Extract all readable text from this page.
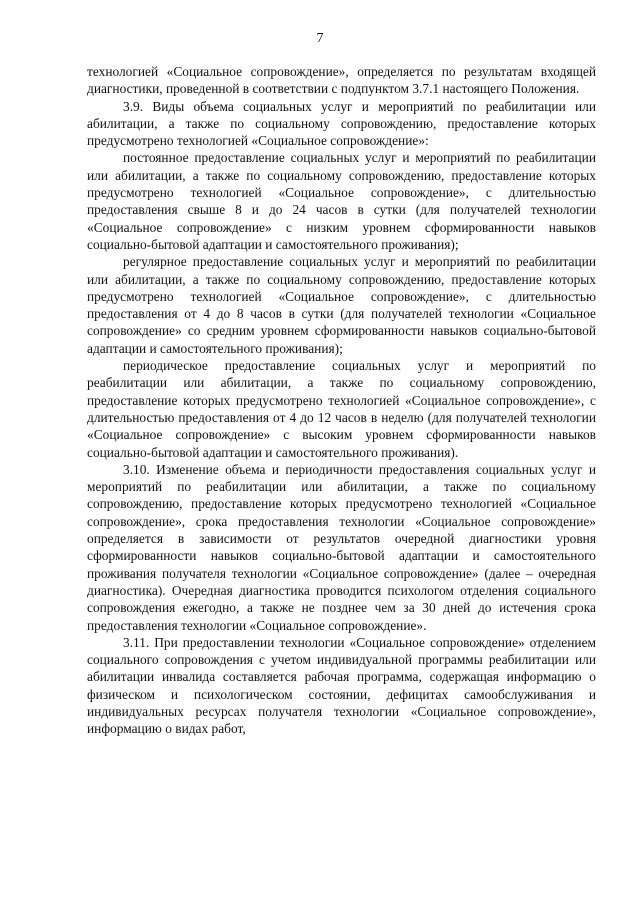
7

технологией «Социальное сопровождение», определяется по результатам входящей диагностики, проведенной в соответствии с подпунктом 3.7.1 настоящего Положения.

3.9. Виды объема социальных услуг и мероприятий по реабилитации или абилитации, а также по социальному сопровождению, предоставление которых предусмотрено технологией «Социальное сопровождение»:

постоянное предоставление социальных услуг и мероприятий по реабилитации или абилитации, а также по социальному сопровождению, предоставление которых предусмотрено технологией «Социальное сопровождение», с длительностью предоставления свыше 8 и до 24 часов в сутки (для получателей технологии «Социальное сопровождение» с низким уровнем сформированности навыков социально-бытовой адаптации и самостоятельного проживания);

регулярное предоставление социальных услуг и мероприятий по реабилитации или абилитации, а также по социальному сопровождению, предоставление которых предусмотрено технологией «Социальное сопровождение», с длительностью предоставления от 4 до 8 часов в сутки (для получателей технологии «Социальное сопровождение» со средним уровнем сформированности навыков социально-бытовой адаптации и самостоятельного проживания);

периодическое предоставление социальных услуг и мероприятий по реабилитации или абилитации, а также по социальному сопровождению, предоставление которых предусмотрено технологией «Социальное сопровождение», с длительностью предоставления от 4 до 12 часов в неделю (для получателей технологии «Социальное сопровождение» с высоким уровнем сформированности навыков социально-бытовой адаптации и самостоятельного проживания).

3.10. Изменение объема и периодичности предоставления социальных услуг и мероприятий по реабилитации или абилитации, а также по социальному сопровождению, предоставление которых предусмотрено технологией «Социальное сопровождение», срока предоставления технологии «Социальное сопровождение» определяется в зависимости от результатов очередной диагностики уровня сформированности навыков социально-бытовой адаптации и самостоятельного проживания получателя технологии «Социальное сопровождение» (далее – очередная диагностика). Очередная диагностика проводится психологом отделения социального сопровождения ежегодно, а также не позднее чем за 30 дней до истечения срока предоставления технологии «Социальное сопровождение».

3.11. При предоставлении технологии «Социальное сопровождение» отделением социального сопровождения с учетом индивидуальной программы реабилитации или абилитации инвалида составляется рабочая программа, содержащая информацию о физическом и психологическом состоянии, дефицитах самообслуживания и индивидуальных ресурсах получателя технологии «Социальное сопровождение», информацию о видах работ,
